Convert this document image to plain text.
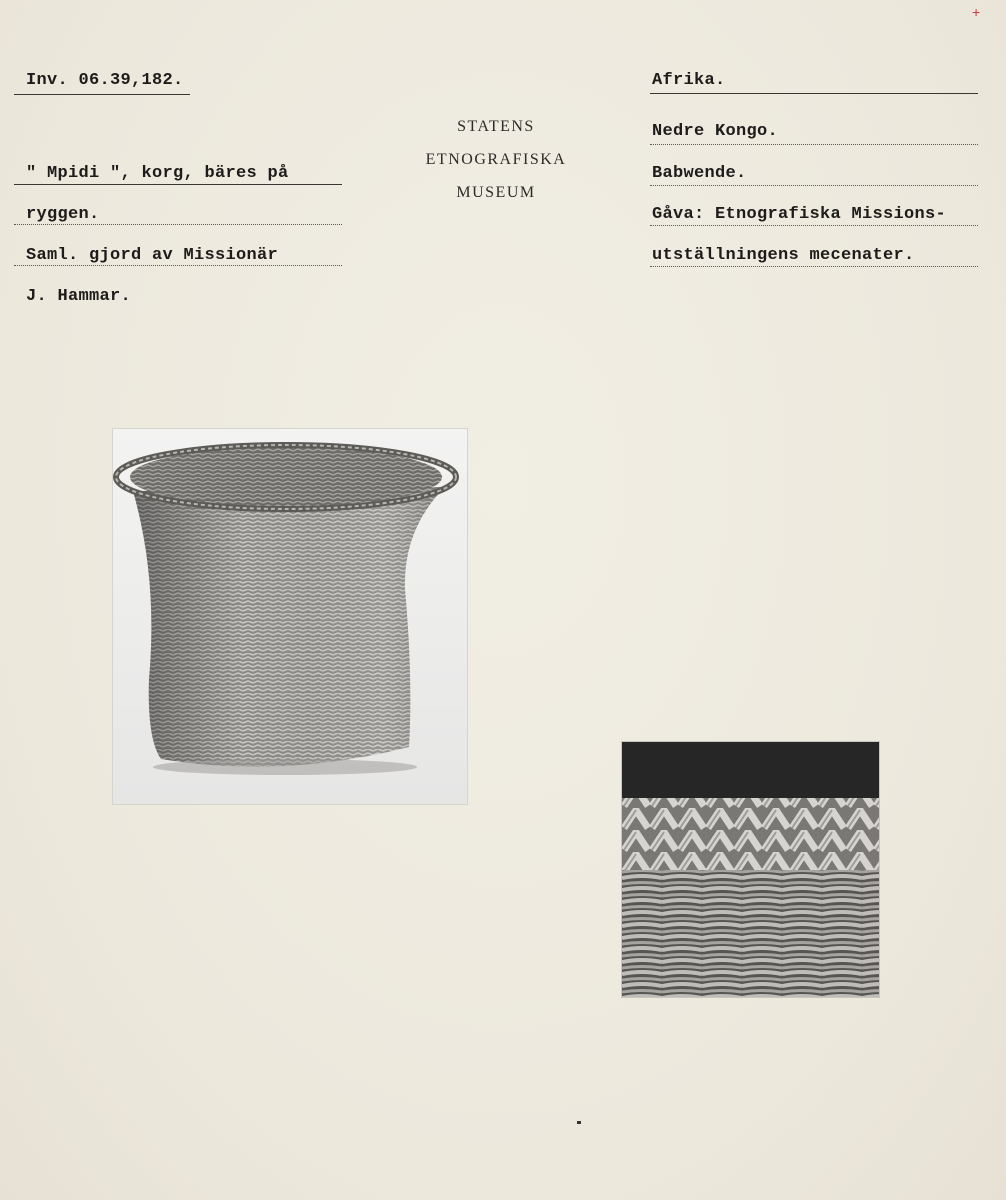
+
Inv. 06.39,182.
" Mpidi ", korg, bäres på
ryggen.
Saml. gjord av Missionär
J. Hammar.
STATENS
ETNOGRAFISKA
MUSEUM
Afrika.
Nedre Kongo.
Babwende.
Gåva: Etnografiska Missions-
utställningens mecenater.
